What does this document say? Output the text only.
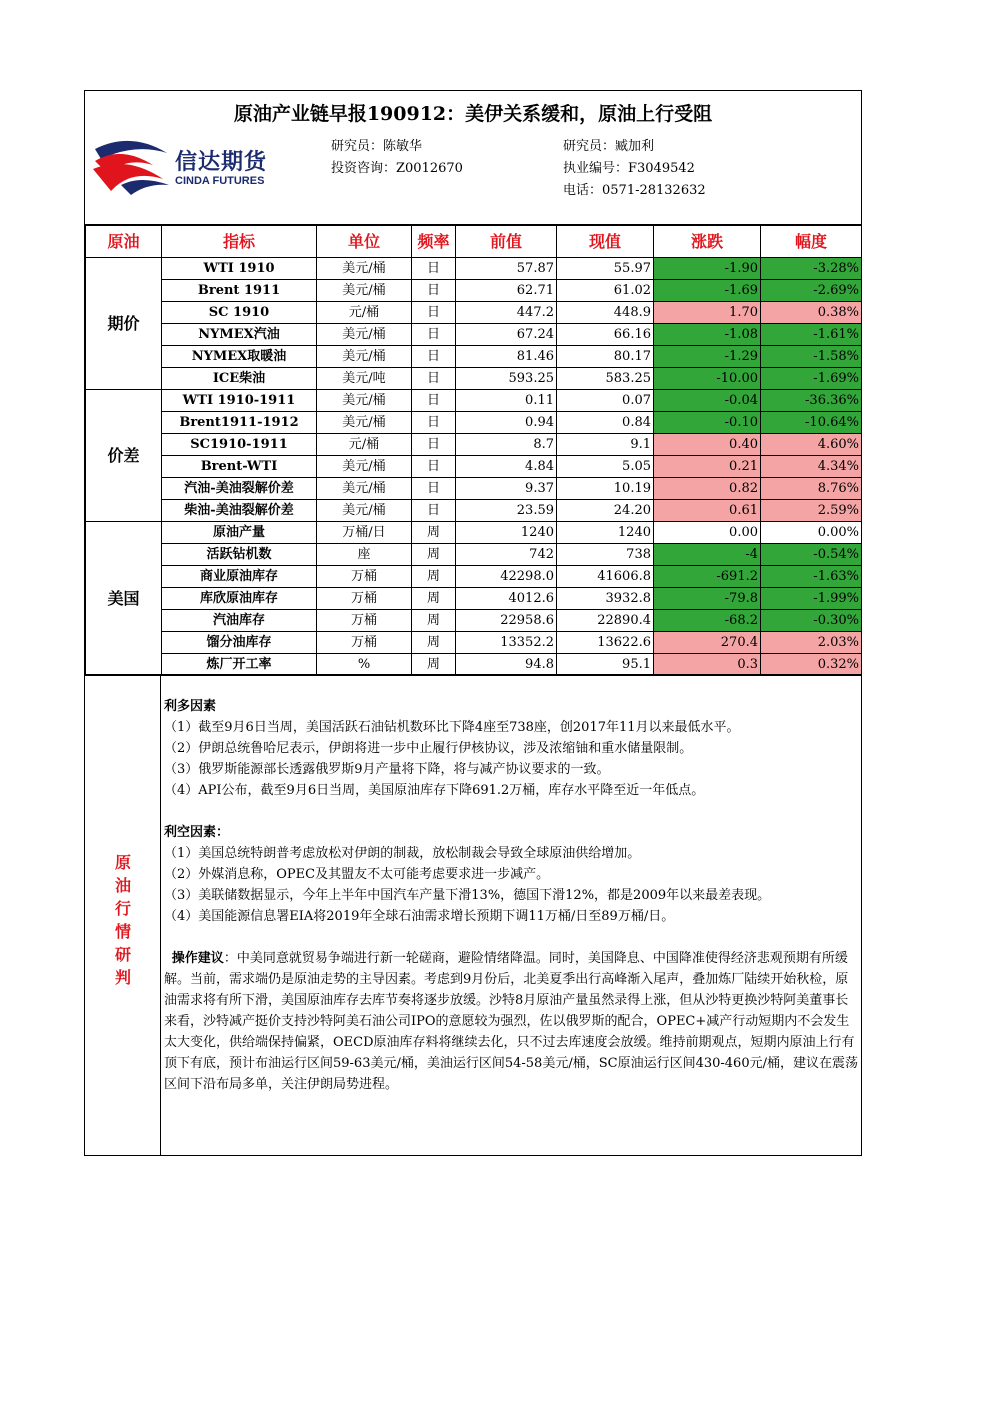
原油产业链早报190912：美伊关系缓和，原油上行受阻
信达期货
CINDA FUTURES
研究员：陈敏华
投资咨询：Z0012670
研究员：臧加利
执业编号：F3049542
电话：0571-28132632
原油	指标	单位	频率	前值	现值	涨跌	幅度
期价	WTI 1910	美元/桶	日	57.87	55.97	-1.90	-3.28%
	Brent 1911	美元/桶	日	62.71	61.02	-1.69	-2.69%
	SC 1910	元/桶	日	447.2	448.9	1.70	0.38%
	NYMEX汽油	美元/桶	日	67.24	66.16	-1.08	-1.61%
	NYMEX取暖油	美元/桶	日	81.46	80.17	-1.29	-1.58%
	ICE柴油	美元/吨	日	593.25	583.25	-10.00	-1.69%
价差	WTI 1910-1911	美元/桶	日	0.11	0.07	-0.04	-36.36%
	Brent1911-1912	美元/桶	日	0.94	0.84	-0.10	-10.64%
	SC1910-1911	元/桶	日	8.7	9.1	0.40	4.60%
	Brent-WTI	美元/桶	日	4.84	5.05	0.21	4.34%
	汽油-美油裂解价差	美元/桶	日	9.37	10.19	0.82	8.76%
	柴油-美油裂解价差	美元/桶	日	23.59	24.20	0.61	2.59%
美国	原油产量	万桶/日	周	1240	1240	0.00	0.00%
	活跃钻机数	座	周	742	738	-4	-0.54%
	商业原油库存	万桶	周	42298.0	41606.8	-691.2	-1.63%
	库欣原油库存	万桶	周	4012.6	3932.8	-79.8	-1.99%
	汽油库存	万桶	周	22958.6	22890.4	-68.2	-0.30%
	馏分油库存	万桶	周	13352.2	13622.6	270.4	2.03%
	炼厂开工率	%	周	94.8	95.1	0.3	0.32%
原油行情研判

利多因素

（1）截至9月6日当周，美国活跃石油钻机数环比下降4座至738座，创2017年11月以来最低水平。

（2）伊朗总统鲁哈尼表示，伊朗将进一步中止履行伊核协议，涉及浓缩铀和重水储量限制。

（3）俄罗斯能源部长透露俄罗斯9月产量将下降，将与减产协议要求的一致。

（4）API公布，截至9月6日当周，美国原油库存下降691.2万桶，库存水平降至近一年低点。

利空因素：

（1）美国总统特朗普考虑放松对伊朗的制裁，放松制裁会导致全球原油供给增加。

（2）外媒消息称，OPEC及其盟友不太可能考虑要求进一步减产。

（3）美联储数据显示，今年上半年中国汽车产量下滑13%，德国下滑12%，都是2009年以来最差表现。

（4）美国能源信息署EIA将2019年全球石油需求增长预期下调11万桶/日至89万桶/日。

操作建议：中美同意就贸易争端进行新一轮磋商，避险情绪降温。同时，美国降息、中国降准使得经济悲观预期有所缓解。当前，需求端仍是原油走势的主导因素。考虑到9月份后，北美夏季出行高峰渐入尾声，叠加炼厂陆续开始秋检，原油需求将有所下滑，美国原油库存去库节奏将逐步放缓。沙特8月原油产量虽然录得上涨，但从沙特更换沙特阿美董事长来看，沙特减产挺价支持沙特阿美石油公司IPO的意愿较为强烈，佐以俄罗斯的配合，OPEC+减产行动短期内不会发生太大变化，供给端保持偏紧，OECD原油库存料将继续去化，只不过去库速度会放缓。维持前期观点，短期内原油上行有顶下有底，预计布油运行区间59-63美元/桶，美油运行区间54-58美元/桶，SC原油运行区间430-460元/桶，建议在震荡区间下沿布局多单，关注伊朗局势进程。
